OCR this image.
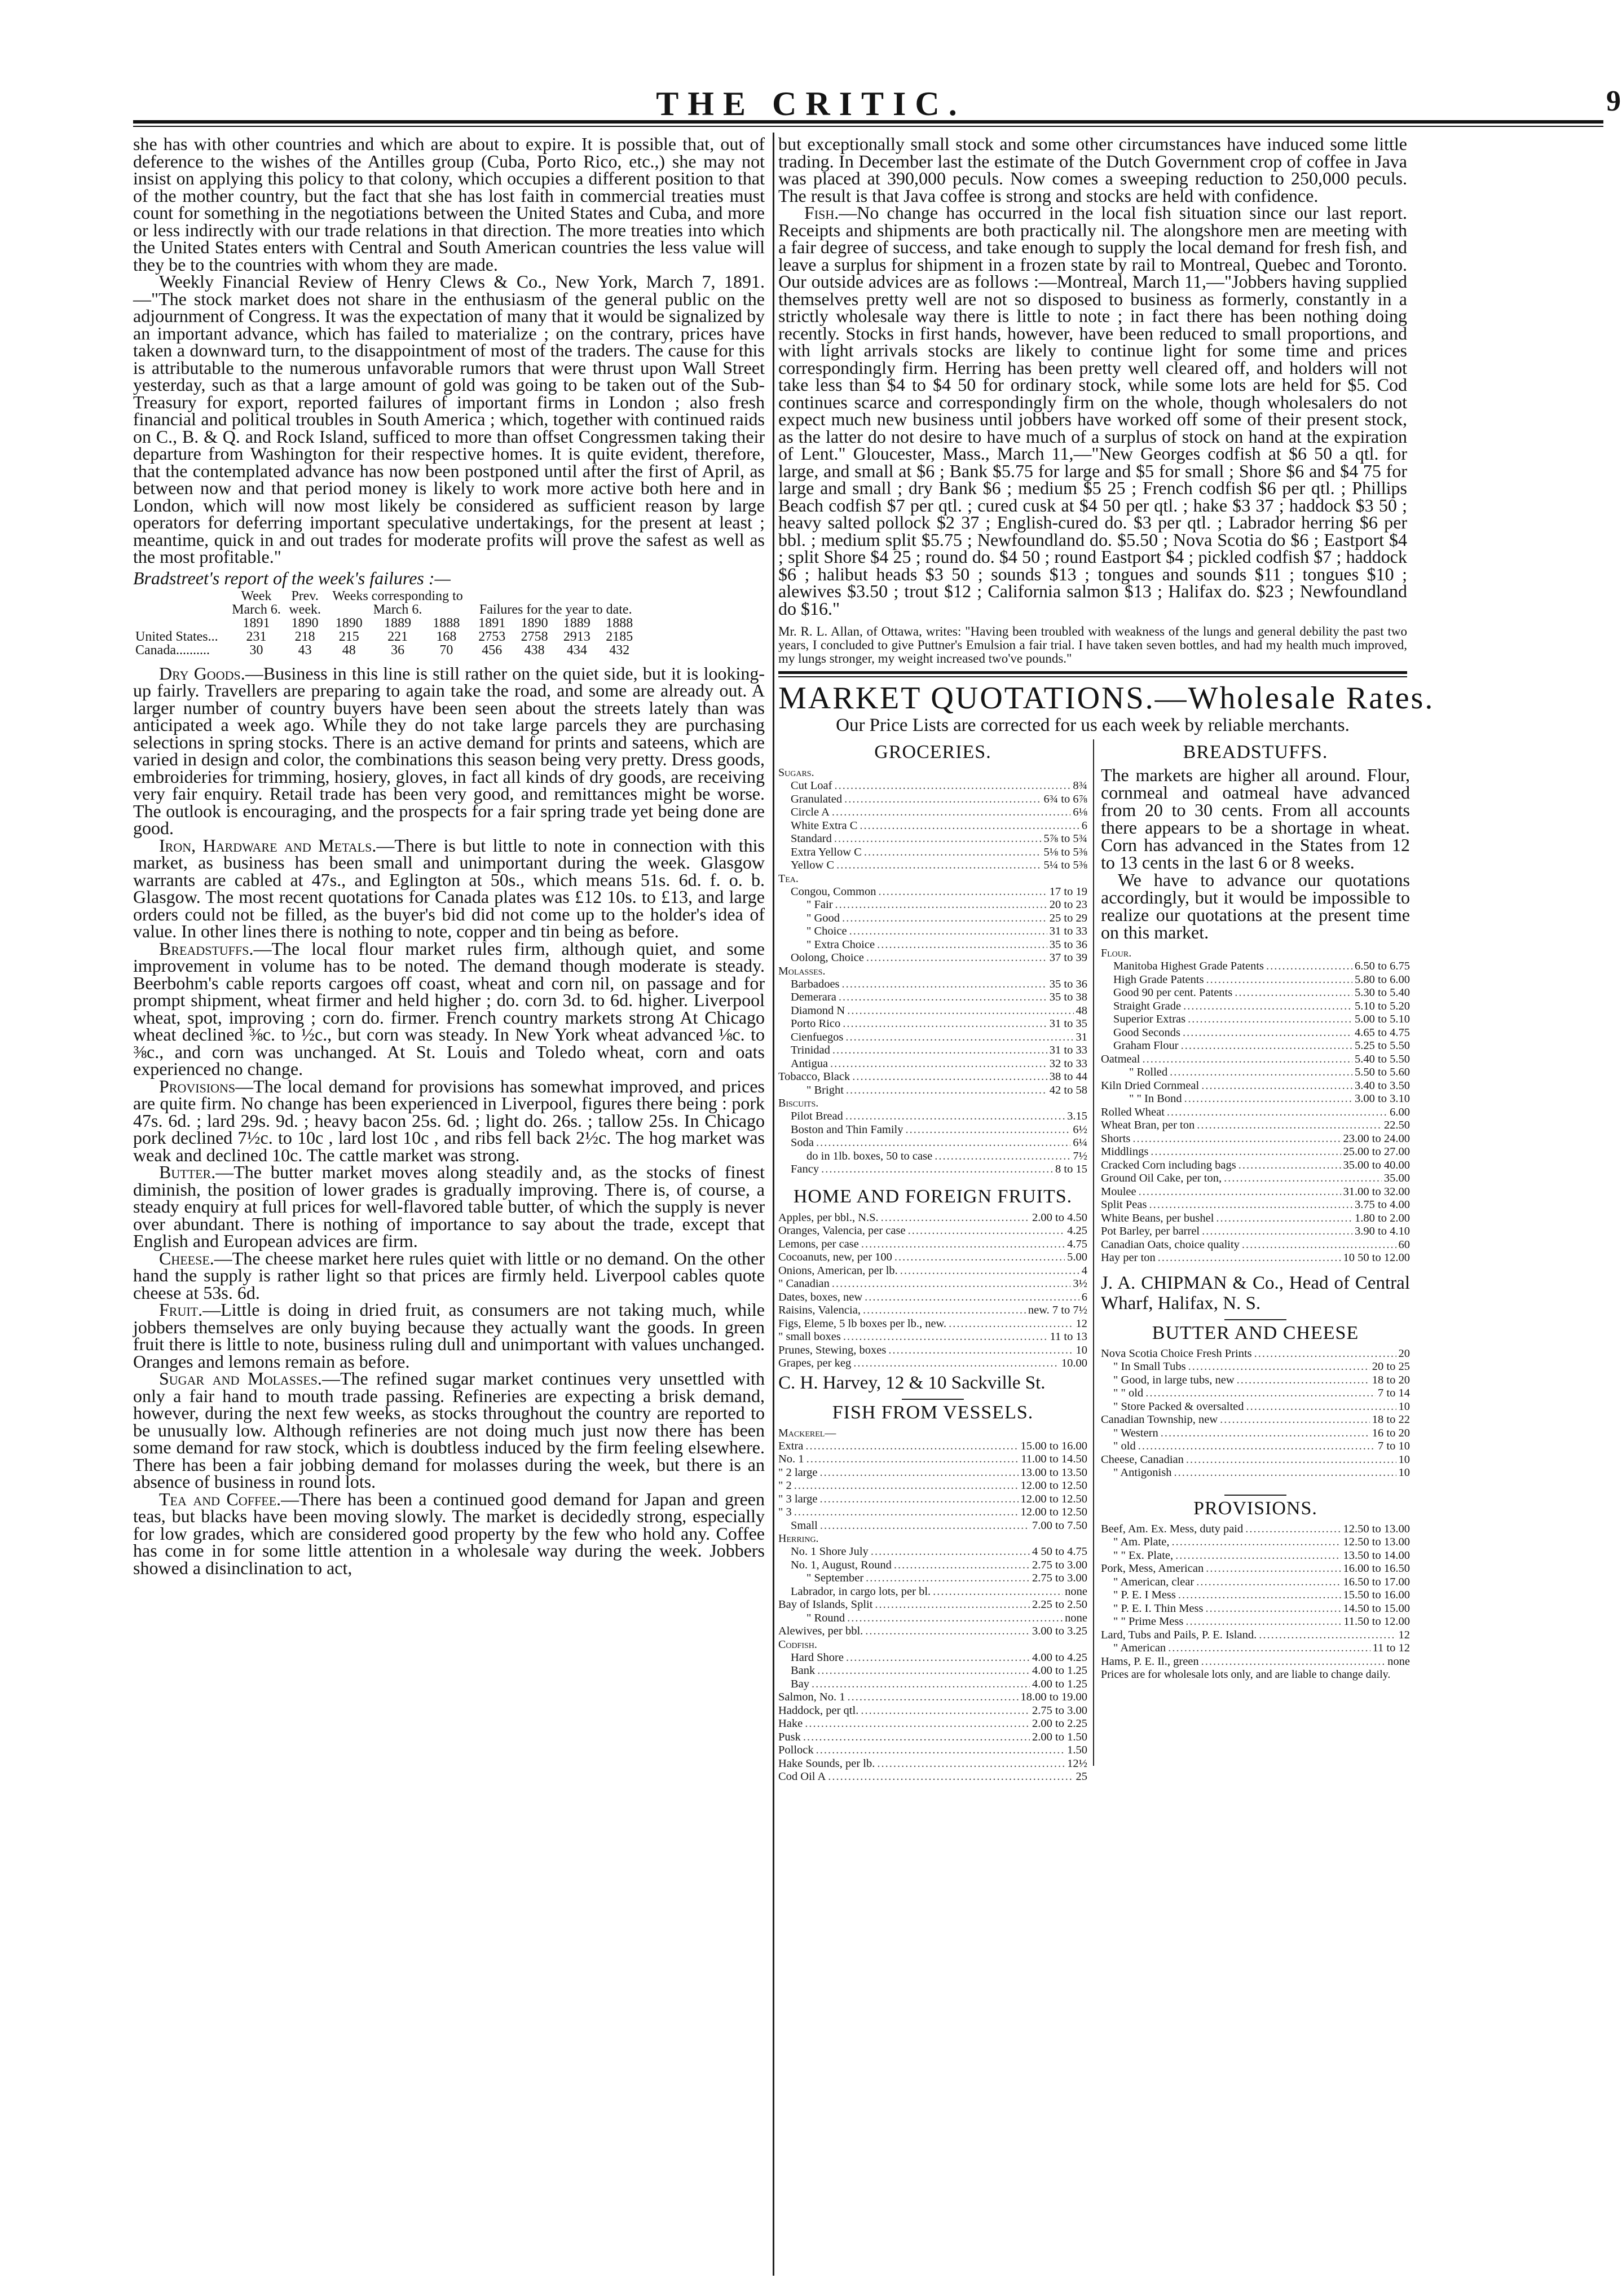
THE CRITIC.	9

she has with other countries and which are about to expire. It is possible that, out of deference to the wishes of the Antilles group (Cuba, Porto Rico, etc.,) she may not insist on applying this policy to that colony, which occupies a different position to that of the mother country, but the fact that she has lost faith in commercial treaties must count for something in the negotiations between the United States and Cuba, and more or less indirectly with our trade relations in that direction. The more treaties into which the United States enters with Central and South American countries the less value will they be to the countries with whom they are made.

Weekly Financial Review of Henry Clews & Co., New York, March 7, 1891.—"The stock market does not share in the enthusiasm of the general public on the adjournment of Congress. It was the expectation of many that it would be signalized by an important advance, which has failed to materialize ; on the contrary, prices have taken a downward turn, to the disappointment of most of the traders. The cause for this is attributable to the numerous unfavorable rumors that were thrust upon Wall Street yesterday, such as that a large amount of gold was going to be taken out of the Sub-Treasury for export, reported failures of important firms in London ; also fresh financial and political troubles in South America ; which, together with continued raids on C., B. & Q. and Rock Island, sufficed to more than offset Congressmen taking their departure from Washington for their respective homes. It is quite evident, therefore, that the contemplated advance has now been postponed until after the first of April, as between now and that period money is likely to work more active both here and in London, which will now most likely be considered as sufficient reason by large operators for deferring important speculative undertakings, for the present at least ; meantime, quick in and out trades for moderate profits will prove the safest as well as the most profitable."

Bradstreet's report of the week's failures :—
	Week	Prev.	Weeks corresponding to						
	March 6.	week.	March 6.			Failures for the year to date.			
	1891	1890	1890	1889	1888	1891	1890	1889	1888
United States...	231	218	215	221	168	2753	2758	2913	2185
Canada..........	30	43	48	36	70	456	438	434	432

Dry Goods.—Business in this line is still rather on the quiet side, but it is looking-up fairly. Travellers are preparing to again take the road, and some are already out. A larger number of country buyers have been seen about the streets lately than was anticipated a week ago. While they do not take large parcels they are purchasing selections in spring stocks. There is an active demand for prints and sateens, which are varied in design and color, the combinations this season being very pretty. Dress goods, embroideries for trimming, hosiery, gloves, in fact all kinds of dry goods, are receiving very fair enquiry. Retail trade has been very good, and remittances might be worse. The outlook is encouraging, and the prospects for a fair spring trade yet being done are good.

Iron, Hardware and Metals.—There is but little to note in connection with this market, as business has been small and unimportant during the week. Glasgow warrants are cabled at 47s., and Eglington at 50s., which means 51s. 6d. f. o. b. Glasgow. The most recent quotations for Canada plates was £12 10s. to £13, and large orders could not be filled, as the buyer's bid did not come up to the holder's idea of value. In other lines there is nothing to note, copper and tin being as before.

Breadstuffs.—The local flour market rules firm, although quiet, and some improvement in volume has to be noted. The demand though moderate is steady. Beerbohm's cable reports cargoes off coast, wheat and corn nil, on passage and for prompt shipment, wheat firmer and held higher ; do. corn 3d. to 6d. higher. Liverpool wheat, spot, improving ; corn do. firmer. French country markets strong At Chicago wheat declined ⅜c. to ½c., but corn was steady. In New York wheat advanced ⅛c. to ⅜c., and corn was unchanged. At St. Louis and Toledo wheat, corn and oats experienced no change.

Provisions—The local demand for provisions has somewhat improved, and prices are quite firm. No change has been experienced in Liverpool, figures there being : pork 47s. 6d. ; lard 29s. 9d. ; heavy bacon 25s. 6d. ; light do. 26s. ; tallow 25s. In Chicago pork declined 7½c. to 10c , lard lost 10c , and ribs fell back 2½c. The hog market was weak and declined 10c. The cattle market was strong.

Butter.—The butter market moves along steadily and, as the stocks of finest diminish, the position of lower grades is gradually improving. There is, of course, a steady enquiry at full prices for well-flavored table butter, of which the supply is never over abundant. There is nothing of importance to say about the trade, except that English and European advices are firm.

Cheese.—The cheese market here rules quiet with little or no demand. On the other hand the supply is rather light so that prices are firmly held. Liverpool cables quote cheese at 53s. 6d.

Fruit.—Little is doing in dried fruit, as consumers are not taking much, while jobbers themselves are only buying because they actually want the goods. In green fruit there is little to note, business ruling dull and unimportant with values unchanged. Oranges and lemons remain as before.

Sugar and Molasses.—The refined sugar market continues very unsettled with only a fair hand to mouth trade passing. Refineries are expecting a brisk demand, however, during the next few weeks, as stocks throughout the country are reported to be unusually low. Although refineries are not doing much just now there has been some demand for raw stock, which is doubtless induced by the firm feeling elsewhere. There has been a fair jobbing demand for molasses during the week, but there is an absence of business in round lots.

Tea and Coffee.—There has been a continued good demand for Japan and green teas, but blacks have been moving slowly. The market is decidedly strong, especially for low grades, which are considered good property by the few who hold any. Coffee has come in for some little attention in a wholesale way during the week. Jobbers showed a disinclination to act,

but exceptionally small stock and some other circumstances have induced some little trading. In December last the estimate of the Dutch Government crop of coffee in Java was placed at 390,000 peculs. Now comes a sweeping reduction to 250,000 peculs. The result is that Java coffee is strong and stocks are held with confidence.

Fish.—No change has occurred in the local fish situation since our last report. Receipts and shipments are both practically nil. The alongshore men are meeting with a fair degree of success, and take enough to supply the local demand for fresh fish, and leave a surplus for shipment in a frozen state by rail to Montreal, Quebec and Toronto. Our outside advices are as follows :—Montreal, March 11,—"Jobbers having supplied themselves pretty well are not so disposed to business as formerly, constantly in a strictly wholesale way there is little to note ; in fact there has been nothing doing recently. Stocks in first hands, however, have been reduced to small proportions, and with light arrivals stocks are likely to continue light for some time and prices correspondingly firm. Herring has been pretty well cleared off, and holders will not take less than $4 to $4 50 for ordinary stock, while some lots are held for $5. Cod continues scarce and correspondingly firm on the whole, though wholesalers do not expect much new business until jobbers have worked off some of their present stock, as the latter do not desire to have much of a surplus of stock on hand at the expiration of Lent." Gloucester, Mass., March 11,—"New Georges codfish at $6 50 a qtl. for large, and small at $6 ; Bank $5.75 for large and $5 for small ; Shore $6 and $4 75 for large and small ; dry Bank $6 ; medium $5 25 ; French codfish $6 per qtl. ; Phillips Beach codfish $7 per qtl. ; cured cusk at $4 50 per qtl. ; hake $3 37 ; haddock $3 50 ; heavy salted pollock $2 37 ; English-cured do. $3 per qtl. ; Labrador herring $6 per bbl. ; medium split $5.75 ; Newfoundland do. $5.50 ; Nova Scotia do $6 ; Eastport $4 ; split Shore $4 25 ; round do. $4 50 ; round Eastport $4 ; pickled codfish $7 ; haddock $6 ; halibut heads $3 50 ; sounds $13 ; tongues and sounds $11 ; tongues $10 ; alewives $3.50 ; trout $12 ; California salmon $13 ; Halifax do. $23 ; Newfoundland do $16."

Mr. R. L. Allan, of Ottawa, writes: "Having been troubled with weakness of the lungs and general debility the past two years, I concluded to give Puttner's Emulsion a fair trial. I have taken seven bottles, and had my health much improved, my lungs stronger, my weight increased two've pounds."
MARKET QUOTATIONS.—Wholesale Rates.
Our Price Lists are corrected for us each week by reliable merchants.
GROCERIES.
Sugars.
Cut Loaf .....	8¾
Granulated .....	6¾ to 6⅞
Circle A .....	6⅛
White Extra C .....	6
Standard .....	5⅞ to 5¾
Extra Yellow C .....	5⅛ to 5⅜
Yellow C .....	5¼ to 5⅜
Tea.
Congou, Common .....	17 to 19
" Fair .....	20 to 23
" Good .....	25 to 29
" Choice .....	31 to 33
" Extra Choice .....	35 to 36
Oolong, Choice .....	37 to 39
Molasses.
Barbadoes .....	35 to 36
Demerara .....	35 to 38
Diamond N .....	48
Porto Rico .....	31 to 35
Cienfuegos .....	31
Trinidad .....	31 to 33
Antigua .....	32 to 33
Tobacco, Black .....	38 to 44
" Bright .....	42 to 58
Biscuits.
Pilot Bread .....	3.15
Boston and Thin Family .....	6½
Soda .....	6¼
do in 1lb. boxes, 50 to case .....	7½
Fancy .....	8 to 15
HOME AND FOREIGN FRUITS.
Apples, per bbl., N.S. .....	2.00 to 4.50
Oranges, Valencia, per case .....	4.25
Lemons, per case .....	4.75
Cocoanuts, new, per 100 .....	5.00
Onions, American, per lb. .....	4
" Canadian .....	3½
Dates, boxes, new .....	6
Raisins, Valencia, .....	new. 7 to 7½
Figs, Eleme, 5 lb boxes per lb., new. .....	12
" small boxes .....	11 to 13
Prunes, Stewing, boxes .....	10
Grapes, per keg .....	10.00
C. H. Harvey, 12 & 10 Sackville St.
FISH FROM VESSELS.
Mackerel—
Extra .....	15.00 to 16.00
No. 1 .....	11.00 to 14.50
" 2 large .....	13.00 to 13.50
" 2 .....	12.00 to 12.50
" 3 large .....	12.00 to 12.50
" 3 .....	12.00 to 12.50
Small .....	7.00 to 7.50
Herring.
No. 1 Shore July .....	4 50 to 4.75
No. 1, August, Round .....	2.75 to 3.00
" September .....	2.75 to 3.00
Labrador, in cargo lots, per bl. .....	none
Bay of Islands, Split .....	2.25 to 2.50
" Round .....	none
Alewives, per bbl. .....	3.00 to 3.25
Codfish.
Hard Shore .....	4.00 to 4.25
Bank .....	4.00 to 1.25
Bay .....	4.00 to 1.25
Salmon, No. 1 .....	18.00 to 19.00
Haddock, per qtl. .....	2.75 to 3.00
Hake .....	2.00 to 2.25
Pusk .....	2.00 to 1.50
Pollock .....	1.50
Hake Sounds, per lb. .....	12½
Cod Oil A .....	25
BREADSTUFFS.
The markets are higher all around. Flour, cornmeal and oatmeal have advanced from 20 to 30 cents. From all accounts there appears to be a shortage in wheat. Corn has advanced in the States from 12 to 13 cents in the last 6 or 8 weeks.
We have to advance our quotations accordingly, but it would be impossible to realize our quotations at the present time on this market.
Flour.
Manitoba Highest Grade Patents .....	6.50 to 6.75
High Grade Patents .....	5.80 to 6.00
Good 90 per cent. Patents .....	5.30 to 5.40
Straight Grade .....	5.10 to 5.20
Superior Extras .....	5.00 to 5.10
Good Seconds .....	4.65 to 4.75
Graham Flour .....	5.25 to 5.50
Oatmeal .....	5.40 to 5.50
" Rolled .....	5.50 to 5.60
Kiln Dried Cornmeal .....	3.40 to 3.50
" " In Bond .....	3.00 to 3.10
Rolled Wheat .....	6.00
Wheat Bran, per ton .....	22.50
Shorts .....	23.00 to 24.00
Middlings .....	25.00 to 27.00
Cracked Corn including bags .....	35.00 to 40.00
Ground Oil Cake, per ton, .....	35.00
Moulee .....	31.00 to 32.00
Split Peas .....	3.75 to 4.00
White Beans, per bushel .....	1.80 to 2.00
Pot Barley, per barrel .....	3.90 to 4.10
Canadian Oats, choice quality .....	60
Hay per ton .....	10 50 to 12.00
J. A. CHIPMAN & Co., Head of Central Wharf, Halifax, N. S.
BUTTER AND CHEESE
Nova Scotia Choice Fresh Prints .....	20
" In Small Tubs .....	20 to 25
" Good, in large tubs, new .....	18 to 20
" " old .....	7 to 14
" Store Packed & oversalted .....	10
Canadian Township, new .....	18 to 22
" Western .....	16 to 20
" old .....	7 to 10
Cheese, Canadian .....	10
" Antigonish .....	10
PROVISIONS.
Beef, Am. Ex. Mess, duty paid .....	12.50 to 13.00
" Am. Plate, .....	12.50 to 13.00
" " Ex. Plate, .....	13.50 to 14.00
Pork, Mess, American .....	16.00 to 16.50
" American, clear .....	16.50 to 17.00
" P. E. I Mess .....	15.50 to 16.00
" P. E. I. Thin Mess .....	14.50 to 15.00
" " Prime Mess .....	11.50 to 12.00
Lard, Tubs and Pails, P. E. Island. .....	12
" American .....	11 to 12
Hams, P. E. Il., green .....	none
Prices are for wholesale lots only, and are liable to change daily.
